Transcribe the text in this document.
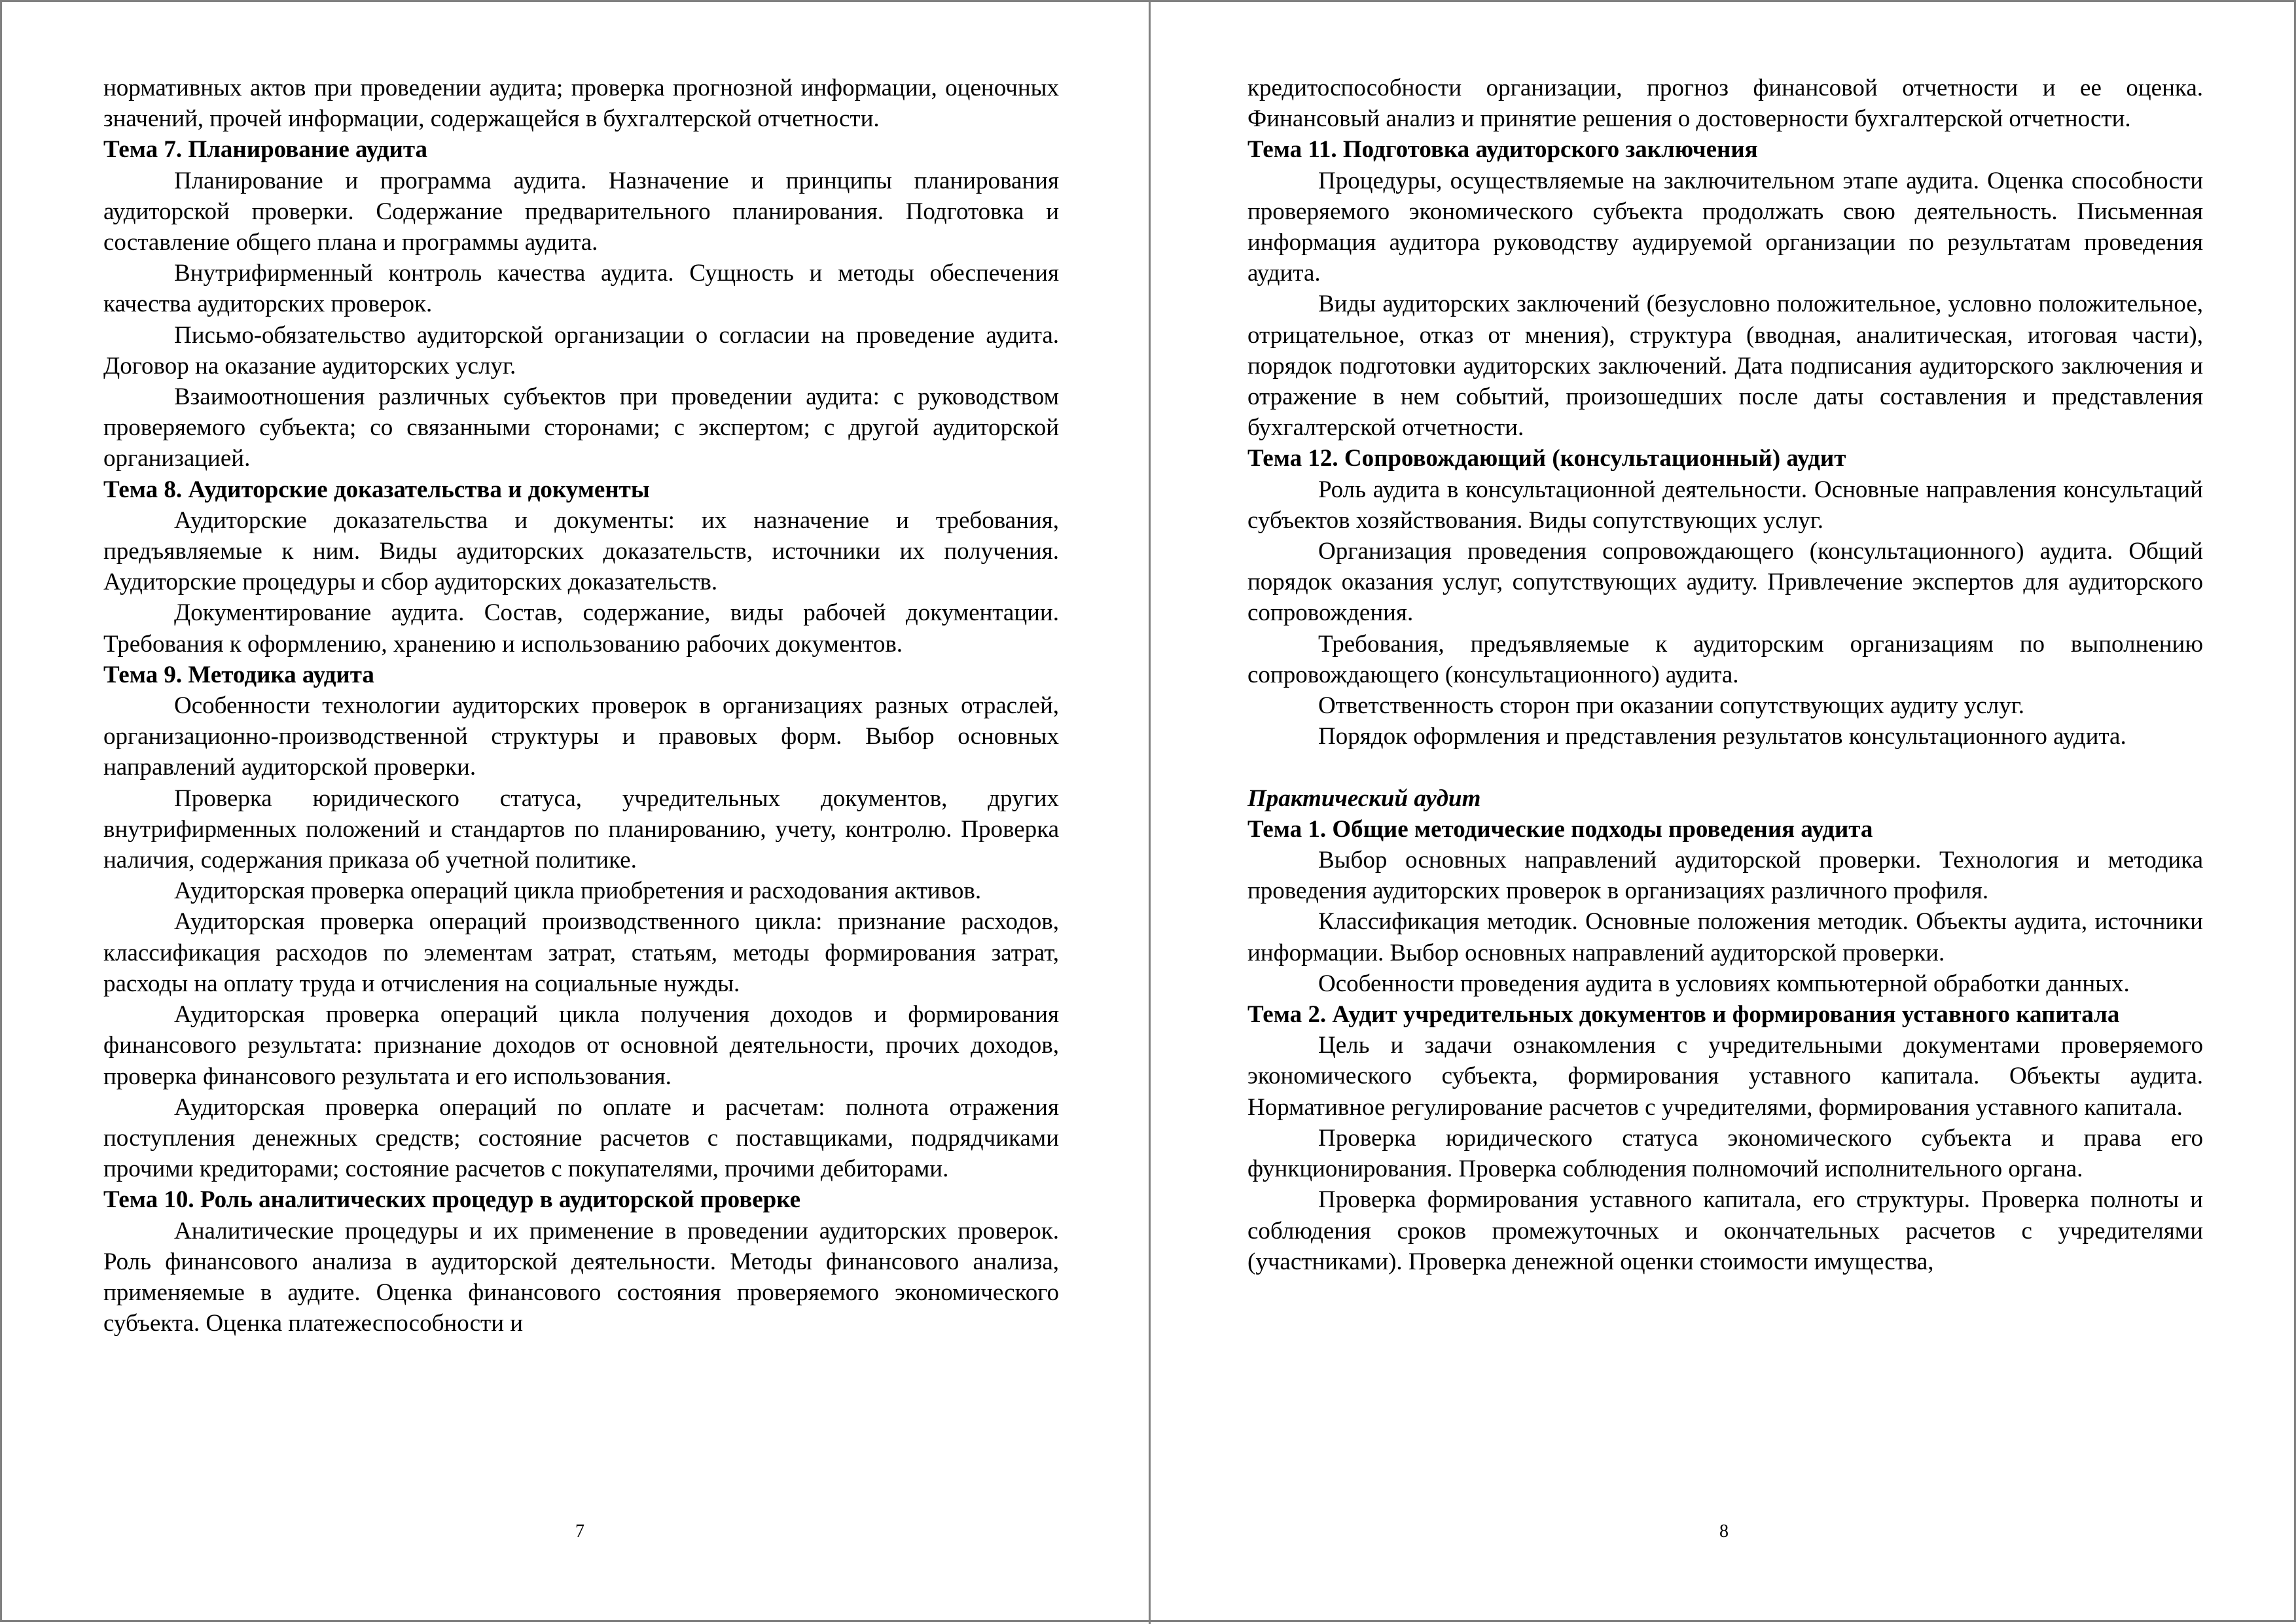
нормативных актов при проведении аудита; проверка прогнозной информации, оценочных значений, прочей информации, содержащейся в бухгалтерской отчетности.
Тема 7. Планирование аудита
Планирование и программа аудита. Назначение и принципы планирования аудиторской проверки. Содержание предварительного планирования. Подготовка и составление общего плана и программы аудита.
Внутрифирменный контроль качества аудита. Сущность и методы обеспечения качества аудиторских проверок.
Письмо-обязательство аудиторской организации о согласии на проведение аудита. Договор на оказание аудиторских услуг.
Взаимоотношения различных субъектов при проведении аудита: с руководством проверяемого субъекта; со связанными сторонами; с экспертом; с другой аудиторской организацией.
Тема 8. Аудиторские доказательства и документы
Аудиторские доказательства и документы: их назначение и требования, предъявляемые к ним. Виды аудиторских доказательств, источники их получения. Аудиторские процедуры и сбор аудиторских доказательств.
Документирование аудита. Состав, содержание, виды рабочей документации. Требования к оформлению, хранению и использованию рабочих документов.
Тема 9. Методика аудита
Особенности технологии аудиторских проверок в организациях разных отраслей, организационно-производственной структуры и правовых форм. Выбор основных направлений аудиторской проверки.
Проверка юридического статуса, учредительных документов, других внутрифирменных положений и стандартов по планированию, учету, контролю. Проверка наличия, содержания приказа об учетной политике.
Аудиторская проверка операций цикла приобретения и расходования активов.
Аудиторская проверка операций производственного цикла: признание расходов, классификация расходов по элементам затрат, статьям, методы формирования затрат, расходы на оплату труда и отчисления на социальные нужды.
Аудиторская проверка операций цикла получения доходов и формирования финансового результата: признание доходов от основной деятельности, прочих доходов, проверка финансового результата и его использования.
Аудиторская проверка операций по оплате и расчетам: полнота отражения поступления денежных средств; состояние расчетов с поставщиками, подрядчиками прочими кредиторами; состояние расчетов с покупателями, прочими дебиторами.
Тема 10. Роль аналитических процедур в аудиторской проверке
Аналитические процедуры и их применение в проведении аудиторских проверок. Роль финансового анализа в аудиторской деятельности. Методы финансового анализа, применяемые в аудите. Оценка финансового состояния проверяемого экономического субъекта. Оценка платежеспособности и
7
кредитоспособности организации, прогноз финансовой отчетности и ее оценка. Финансовый анализ и принятие решения о достоверности бухгалтерской отчетности.
Тема 11. Подготовка аудиторского заключения
Процедуры, осуществляемые на заключительном этапе аудита. Оценка способности проверяемого экономического субъекта продолжать свою деятельность. Письменная информация аудитора руководству аудируемой организации по результатам проведения аудита.
Виды аудиторских заключений (безусловно положительное, условно положительное, отрицательное, отказ от мнения), структура (вводная, аналитическая, итоговая части), порядок подготовки аудиторских заключений. Дата подписания аудиторского заключения и отражение в нем событий, произошедших после даты составления и представления бухгалтерской отчетности.
Тема 12. Сопровождающий (консультационный) аудит
Роль аудита в консультационной деятельности. Основные направления консультаций субъектов хозяйствования. Виды сопутствующих услуг.
Организация проведения сопровождающего (консультационного) аудита. Общий порядок оказания услуг, сопутствующих аудиту. Привлечение экспертов для аудиторского сопровождения.
Требования, предъявляемые к аудиторским организациям по выполнению сопровождающего (консультационного) аудита.
Ответственность сторон при оказании сопутствующих аудиту услуг.
Порядок оформления и представления результатов консультационного аудита.
Практический аудит
Тема 1. Общие методические подходы проведения аудита
Выбор основных направлений аудиторской проверки. Технология и методика проведения аудиторских проверок в организациях различного профиля.
Классификация методик. Основные положения методик. Объекты аудита, источники информации. Выбор основных направлений аудиторской проверки.
Особенности проведения аудита в условиях компьютерной обработки данных.
Тема 2. Аудит учредительных документов и формирования уставного капитала
Цель и задачи ознакомления с учредительными документами проверяемого экономического субъекта, формирования уставного капитала. Объекты аудита. Нормативное регулирование расчетов с учредителями, формирования уставного капитала.
Проверка юридического статуса экономического субъекта и права его функционирования. Проверка соблюдения полномочий исполнительного органа.
Проверка формирования уставного капитала, его структуры. Проверка полноты и соблюдения сроков промежуточных и окончательных расчетов с учредителями (участниками). Проверка денежной оценки стоимости имущества,
8
